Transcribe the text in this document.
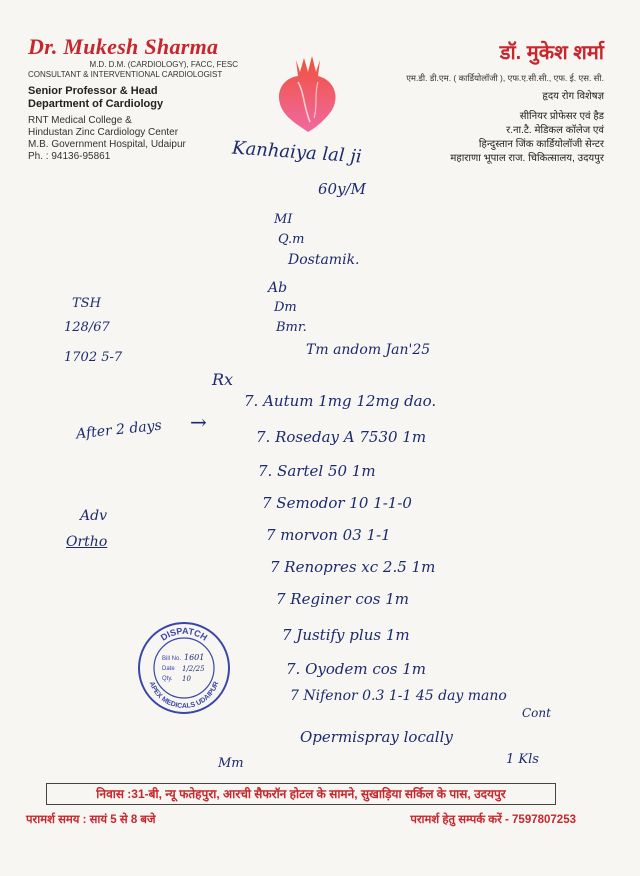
Dr. Mukesh Sharma
M.D. D.M. (CARDIOLOGY), FACC, FESC
CONSULTANT & INTERVENTIONAL CARDIOLOGIST
Senior Professor & Head
Department of Cardiology
RNT Medical College &
Hindustan Zinc Cardiology Center
M.B. Government Hospital, Udaipur
Ph. : 94136-95861
डॉ. मुकेश शर्मा
एम.डी. डी.एम. ( कार्डियोलॉजी ), एफ.ए.सी.सी., एफ. ई. एस. सी.
हृदय रोग विशेषज्ञ
सीनियर प्रोफेसर एवं हैड
र.ना.टै. मेडिकल कॉलेज एवं
हिन्दुस्तान जिंक कार्डियोलॉजी सेन्टर
महाराणा भूपाल राज. चिकित्सालय, उदयपुर
Kanhaiya lal ji
60y/M
MI
Q.m
Dostamik.
Ab
Dm
Bmr.
Tm andom Jan'25
TSH
128/67
1702 5-7
Rx
After 2 days →
Adv
Ortho
7. Autum 1mg 12mg dao.
7. Roseday A 7530 1m
7. Sartel 50 1m
7 Semodor 10 1-1-0
7 morvon 03 1-1
7 Renopres xc 2.5 1m
7 Reginer cos 1m
7 Justify plus 1m
7. Oyodem cos 1m
7 Nifenor 0.3 1-1 45 day mano
Cont
Opermispray locally
Mm	1 Kls
DISPATCH
APEX MEDICALS UDAIPUR
Bill No.
Date
Qty.
1601
1/2/25
10
निवास :31-बी, न्यू फतेहपुरा, आरची सैफरॉन होटल के सामने, सुखाड़िया सर्किल के पास, उदयपुर
परामर्श समय : सायं 5 से 8 बजे	परामर्श हेतु सम्पर्क करें - 7597807253
